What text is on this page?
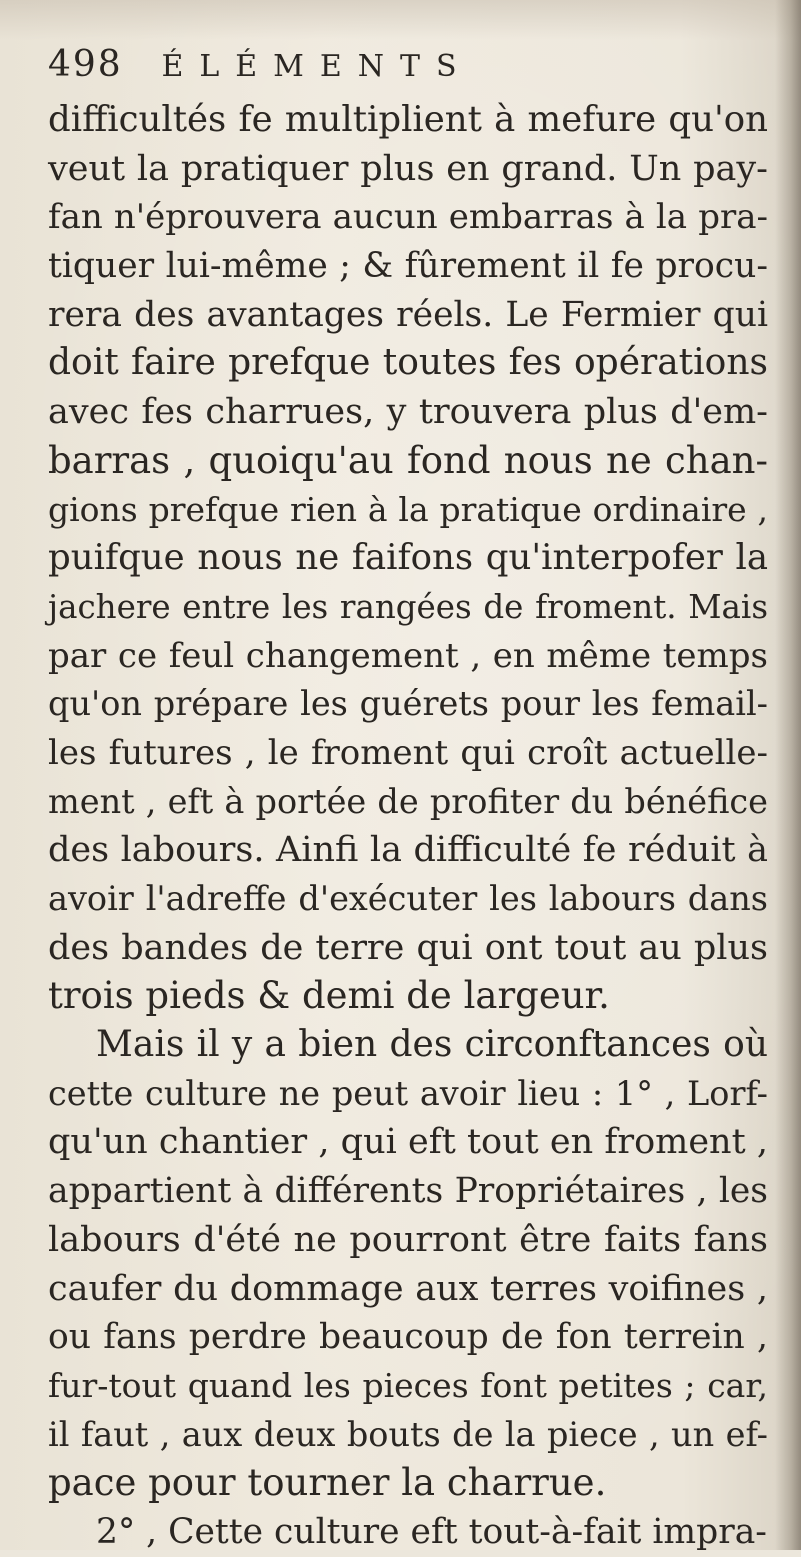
498 ÉLÉMENTS
difficultés fe multiplient à mefure qu'on
veut la pratiquer plus en grand. Un pay-
fan n'éprouvera aucun embarras à la pra-
tiquer lui-même ; & fûrement il fe procu-
rera des avantages réels. Le Fermier qui
doit faire prefque toutes fes opérations
avec fes charrues, y trouvera plus d'em-
barras , quoiqu'au fond nous ne chan-
gions prefque rien à la pratique ordinaire ,
puifque nous ne faifons qu'interpofer la
jachere entre les rangées de froment. Mais
par ce feul changement , en même temps
qu'on prépare les guérets pour les femail-
les futures , le froment qui croît actuelle-
ment , eft à portée de profiter du bénéfice
des labours. Ainfi la difficulté fe réduit à
avoir l'adreffe d'exécuter les labours dans
des bandes de terre qui ont tout au plus
trois pieds & demi de largeur.
Mais il y a bien des circonftances où
cette culture ne peut avoir lieu : 1° , Lorf-
qu'un chantier , qui eft tout en froment ,
appartient à différents Propriétaires , les
labours d'été ne pourront être faits fans
caufer du dommage aux terres voifines ,
ou fans perdre beaucoup de fon terrein ,
fur-tout quand les pieces font petites ; car,
il faut , aux deux bouts de la piece , un ef-
pace pour tourner la charrue.
2° , Cette culture eft tout-à-fait impra-
